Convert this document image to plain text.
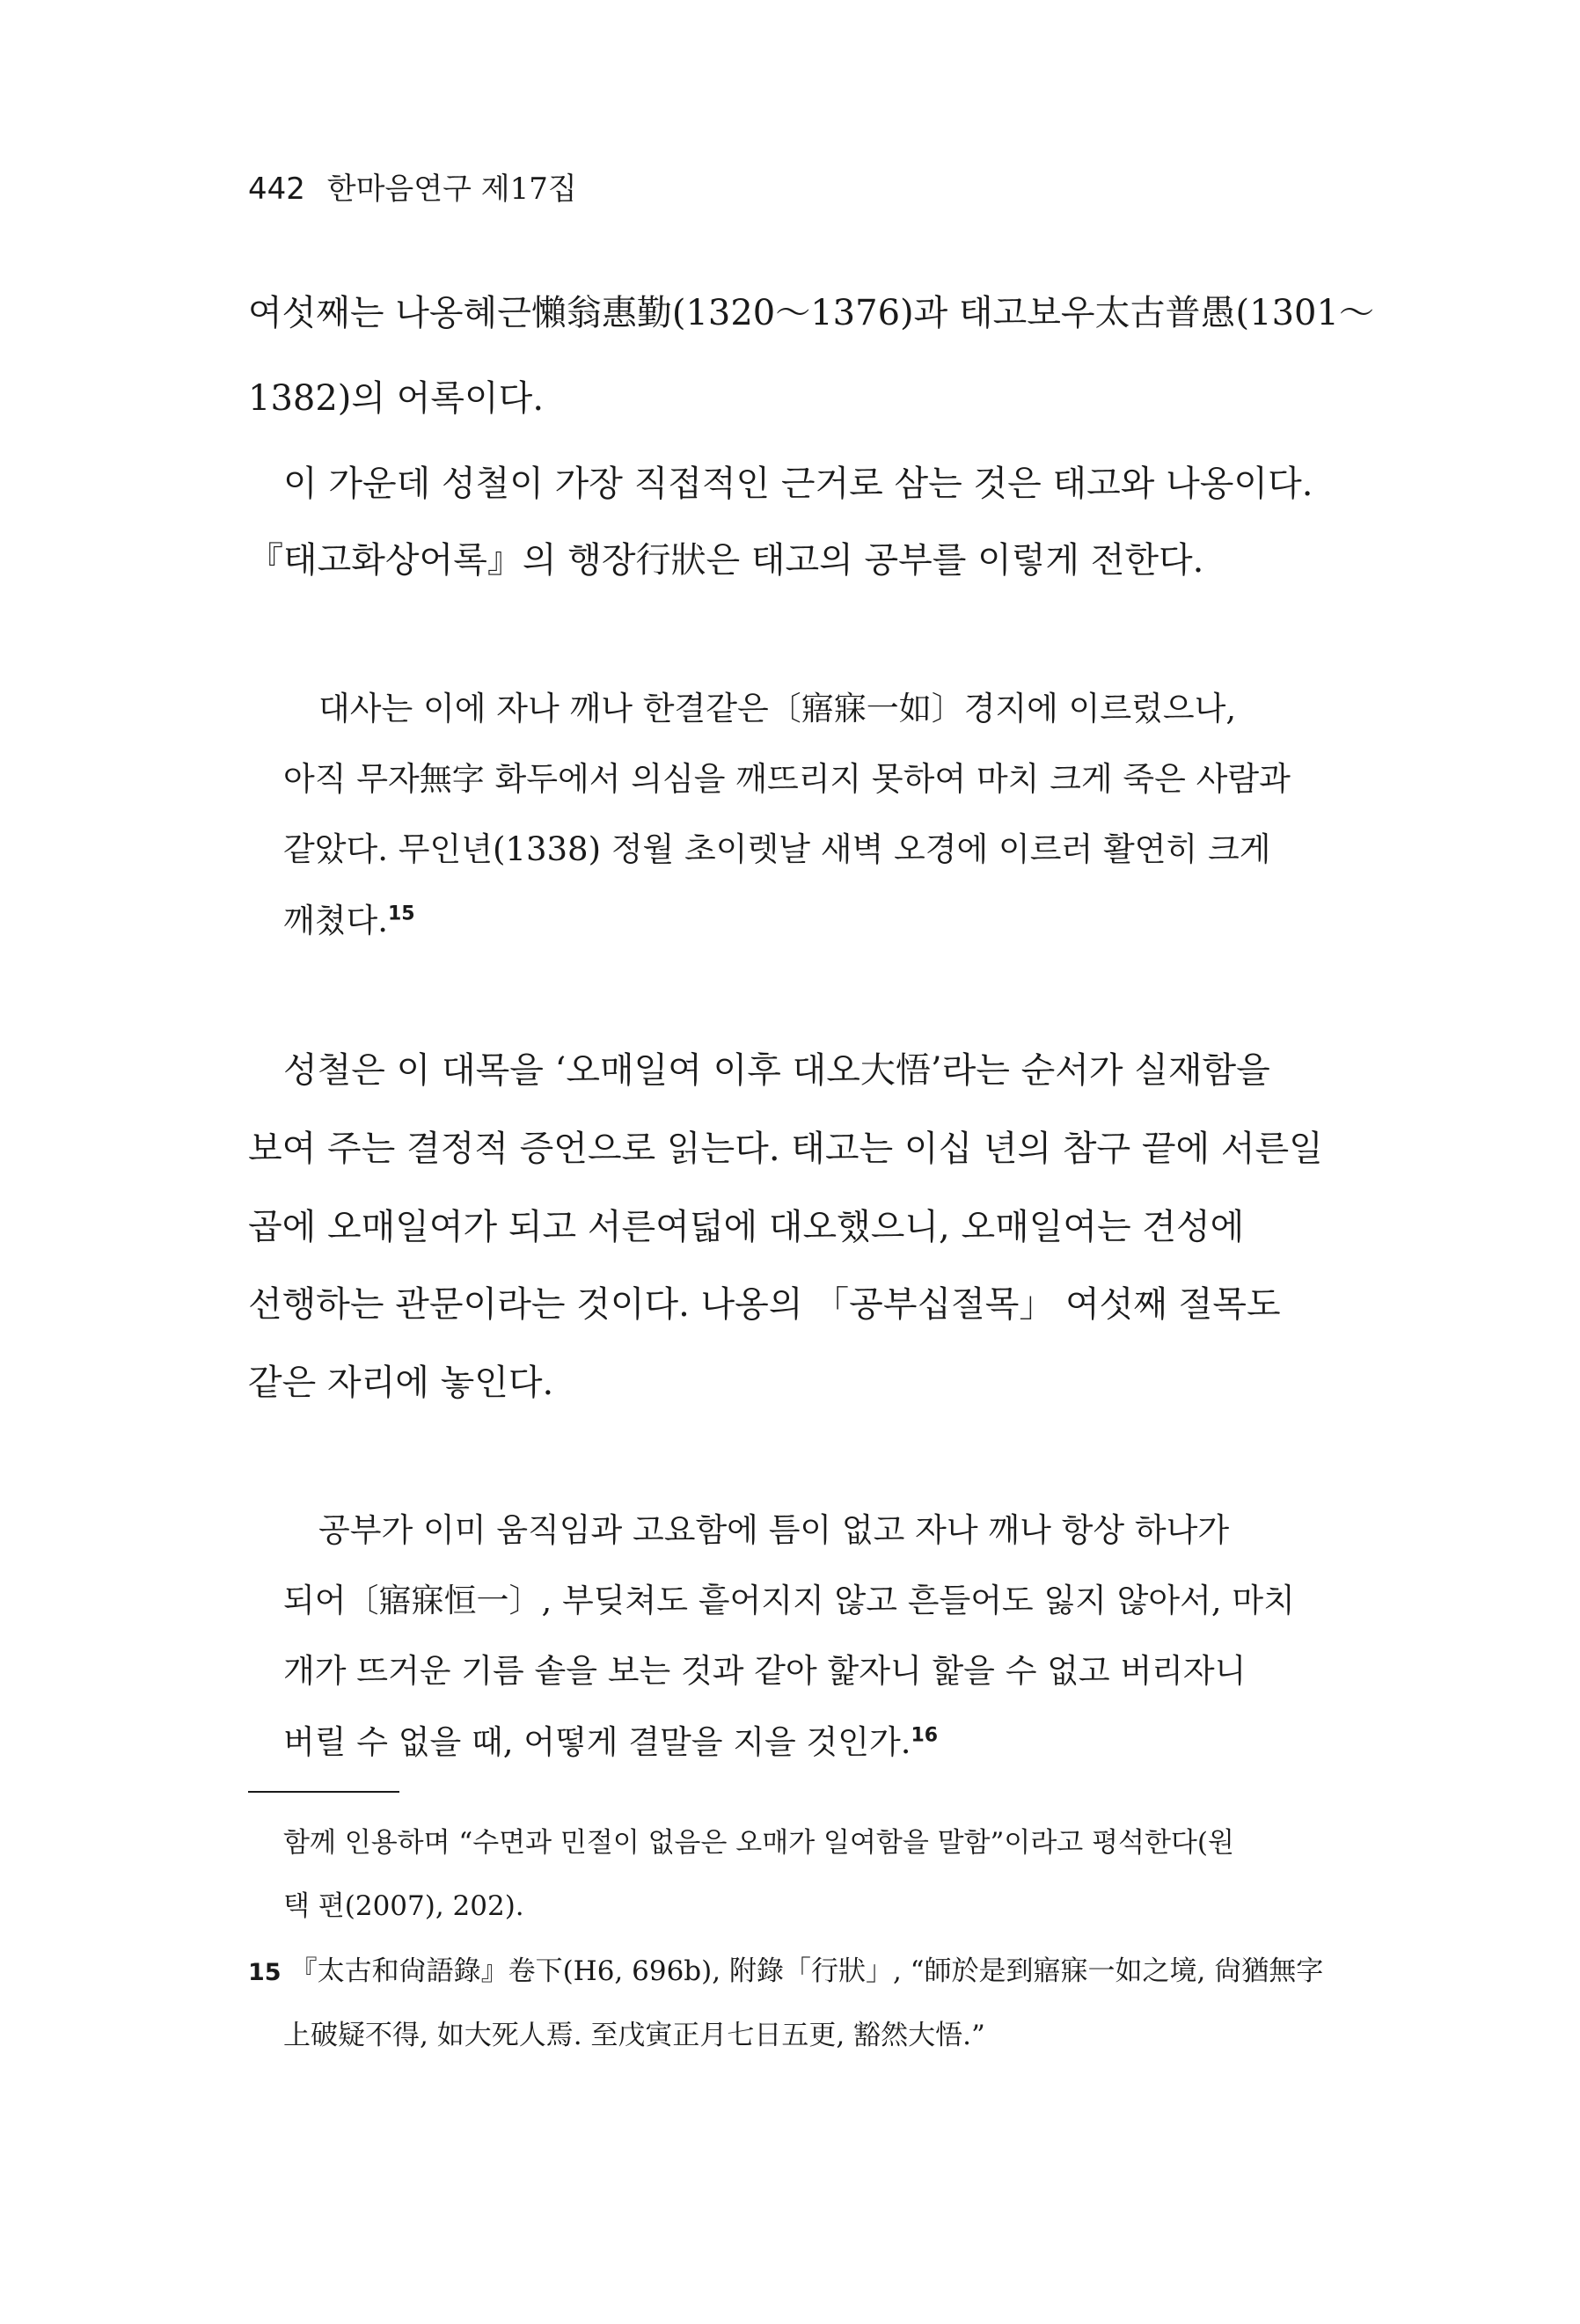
442 한마음연구 제17집
여섯째는 나옹혜근懶翁惠勤(1320～1376)과 태고보우太古普愚(1301～
1382)의 어록이다.
이 가운데 성철이 가장 직접적인 근거로 삼는 것은 태고와 나옹이다.
『태고화상어록』의 행장行狀은 태고의 공부를 이렇게 전한다.
대사는 이에 자나 깨나 한결같은〔寤寐一如〕경지에 이르렀으나,
아직 무자無字 화두에서 의심을 깨뜨리지 못하여 마치 크게 죽은 사람과
같았다. 무인년(1338) 정월 초이렛날 새벽 오경에 이르러 활연히 크게
깨쳤다.$^{15}$
성철은 이 대목을 ‘오매일여 이후 대오大悟’라는 순서가 실재함을
보여 주는 결정적 증언으로 읽는다. 태고는 이십 년의 참구 끝에 서른일
곱에 오매일여가 되고 서른여덟에 대오했으니, 오매일여는 견성에
선행하는 관문이라는 것이다. 나옹의 「공부십절목」 여섯째 절목도
같은 자리에 놓인다.
공부가 이미 움직임과 고요함에 틈이 없고 자나 깨나 항상 하나가
되어〔寤寐恒一〕, 부딪쳐도 흩어지지 않고 흔들어도 잃지 않아서, 마치
개가 뜨거운 기름 솥을 보는 것과 같아 핥자니 핥을 수 없고 버리자니
버릴 수 없을 때, 어떻게 결말을 지을 것인가.$^{16}$
함께 인용하며 “수면과 민절이 없음은 오매가 일여함을 말함”이라고 평석한다(원
택 편(2007), 202).
15 『太古和尙語錄』卷下(H6, 696b), 附錄「行狀」, “師於是到寤寐一如之境, 尙猶無字
上破疑不得, 如大死人焉. 至戊寅正月七日五更, 豁然大悟.”
